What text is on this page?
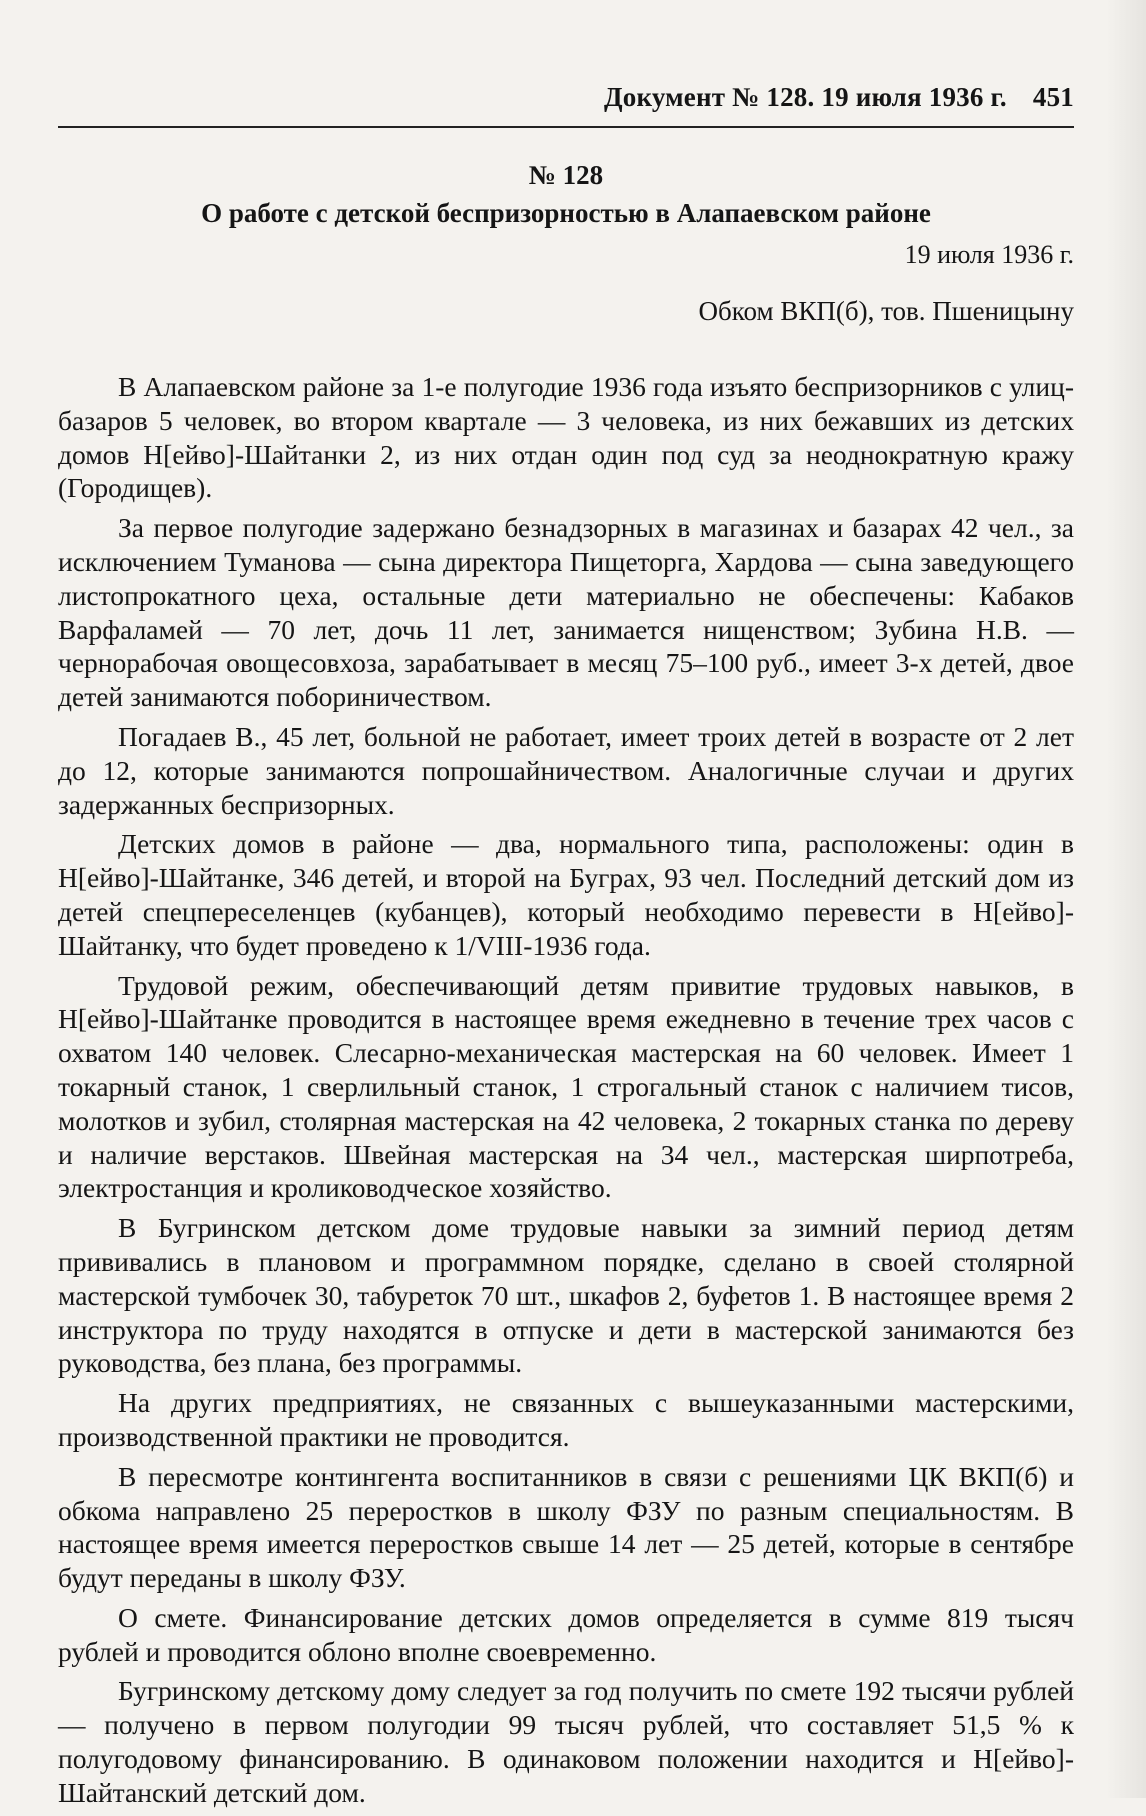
Документ № 128. 19 июля 1936 г. 451
№ 128
О работе с детской беспризорностью в Алапаевском районе
19 июля 1936 г.
Обком ВКП(б), тов. Пшеницыну

В Алапаевском районе за 1-е полугодие 1936 года изъято беспризорников с улиц-базаров 5 человек, во втором квартале — 3 человека, из них бежавших из детских домов Н[ейво]-Шайтанки 2, из них отдан один под суд за неоднократную кражу (Городищев).

За первое полугодие задержано безнадзорных в магазинах и базарах 42 чел., за исключением Туманова — сына директора Пищеторга, Хардова — сына заведующего листопрокатного цеха, остальные дети материально не обеспечены: Кабаков Варфаламей — 70 лет, дочь 11 лет, занимается нищенством; Зубина Н.В. — чернорабочая овощесовхоза, зарабатывает в месяц 75–100 руб., имеет 3-х детей, двое детей занимаются побориничеством.

Погадаев В., 45 лет, больной не работает, имеет троих детей в возрасте от 2 лет до 12, которые занимаются попрошайничеством. Аналогичные случаи и других задержанных беспризорных.

Детских домов в районе — два, нормального типа, расположены: один в Н[ейво]-Шайтанке, 346 детей, и второй на Буграх, 93 чел. Последний детский дом из детей спецпереселенцев (кубанцев), который необходимо перевести в Н[ейво]-Шайтанку, что будет проведено к 1/VIII-1936 года.

Трудовой режим, обеспечивающий детям привитие трудовых навыков, в Н[ейво]-Шайтанке проводится в настоящее время ежедневно в течение трех часов с охватом 140 человек. Слесарно-механическая мастерская на 60 человек. Имеет 1 токарный станок, 1 сверлильный станок, 1 строгальный станок с наличием тисов, молотков и зубил, столярная мастерская на 42 человека, 2 токарных станка по дереву и наличие верстаков. Швейная мастерская на 34 чел., мастерская ширпотреба, электростанция и кролиководческое хозяйство.

В Бугринском детском доме трудовые навыки за зимний период детям прививались в плановом и программном порядке, сделано в своей столярной мастерской тумбочек 30, табуреток 70 шт., шкафов 2, буфетов 1. В настоящее время 2 инструктора по труду находятся в отпуске и дети в мастерской занимаются без руководства, без плана, без программы.

На других предприятиях, не связанных с вышеуказанными мастерскими, производственной практики не проводится.

В пересмотре контингента воспитанников в связи с решениями ЦК ВКП(б) и обкома направлено 25 переростков в школу ФЗУ по разным специальностям. В настоящее время имеется переростков свыше 14 лет — 25 детей, которые в сентябре будут переданы в школу ФЗУ.

О смете. Финансирование детских домов определяется в сумме 819 тысяч рублей и проводится облоно вполне своевременно.

Бугринскому детскому дому следует за год получить по смете 192 тысячи рублей — получено в первом полугодии 99 тысяч рублей, что составляет 51,5 % к полугодовому финансированию. В одинаковом положении находится и Н[ейво]-Шайтанский детский дом.
